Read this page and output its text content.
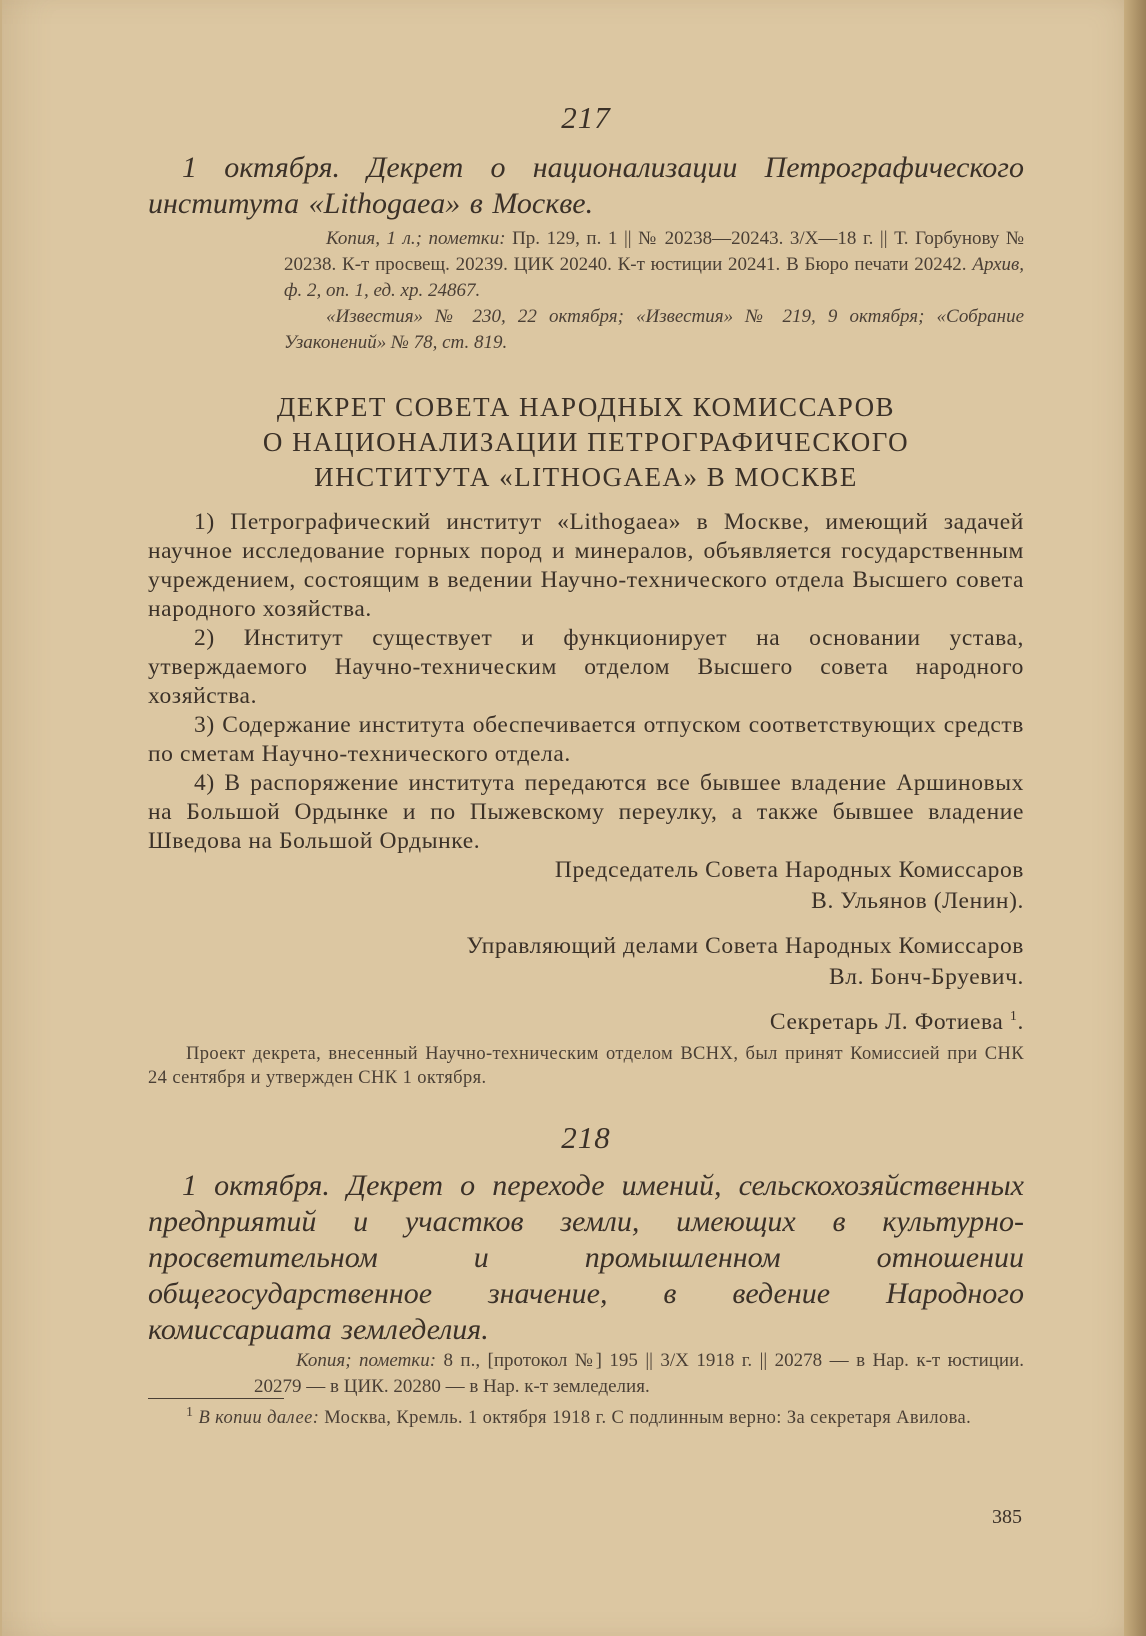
217
1 октября. Декрет о национализации Петрографического института «Lithogaea» в Москве.

Копия, 1 л.; пометки: Пр. 129, п. 1 || № 20238—20243. 3/X—18 г. || Т. Горбунову № 20238. К-т просвещ. 20239. ЦИК 20240. К-т юстиции 20241. В Бюро печати 20242. Архив, ф. 2, оп. 1, ед. хр. 24867.

«Известия» № 230, 22 октября; «Известия» № 219, 9 октября; «Собрание Узаконений» № 78, ст. 819.

ДЕКРЕТ СОВЕТА НАРОДНЫХ КОМИССАРОВ
О НАЦИОНАЛИЗАЦИИ ПЕТРОГРАФИЧЕСКОГО
ИНСТИТУТА «LITHOGAEA» В МОСКВЕ

1) Петрографический институт «Lithogaea» в Москве, имеющий задачей научное исследование горных пород и минералов, объявляется государственным учреждением, состоящим в ведении Научно-технического отдела Высшего совета народного хозяйства.

2) Институт существует и функционирует на основании устава, утверждаемого Научно-техническим отделом Высшего совета народного хозяйства.

3) Содержание института обеспечивается отпуском соответствующих средств по сметам Научно-технического отдела.

4) В распоряжение института передаются все бывшее владение Аршиновых на Большой Ордынке и по Пыжевскому переулку, а также бывшее владение Шведова на Большой Ордынке.

Председатель Совета Народных Комиссаров

В. Ульянов (Ленин).

Управляющий делами Совета Народных Комиссаров

Вл. Бонч-Бруевич.

Секретарь Л. Фотиева $^1$.

Проект декрета, внесенный Научно-техническим отделом ВСНХ, был принят Комиссией при СНК 24 сентября и утвержден СНК 1 октября.

218
1 октября. Декрет о переходе имений, сельскохозяйственных предприятий и участков земли, имеющих в культурно-просветительном и промышленном отношении общегосударственное значение, в ведение Народного комиссариата земледелия.

Копия; пометки: 8 п., [протокол №] 195 || 3/X 1918 г. || 20278 — в Нар. к-т юстиции. 20279 — в ЦИК. 20280 — в Нар. к-т земледелия.

$^1$ В копии далее: Москва, Кремль. 1 октября 1918 г. С подлинным верно: За секретаря Авилова.

385
